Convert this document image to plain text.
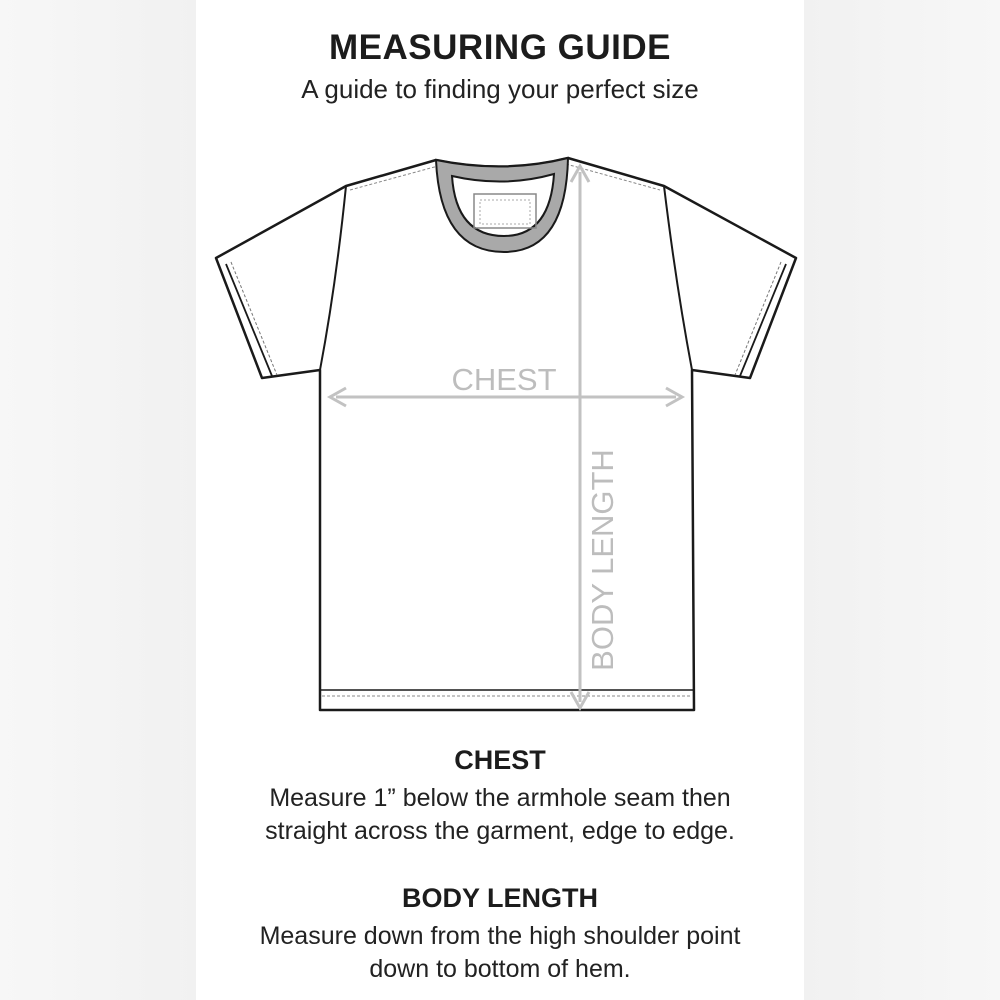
MEASURING GUIDE
A guide to finding your perfect size
CHEST
BODY LENGTH
CHEST
Measure 1” below the armhole seam then
straight across the garment, edge to edge.
BODY LENGTH
Measure down from the high shoulder point
down to bottom of hem.
